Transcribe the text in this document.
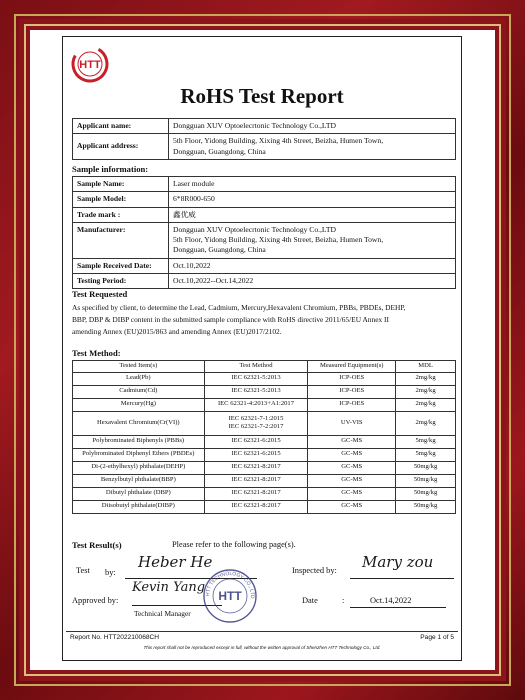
HTT
RoHS Test Report
Applicant name:	Dongguan XUV Optoelecrtonic Technology Co.,LTD
Applicant address:	5th Floor, Yidong Building, Xixing 4th Street, Beizha, Humen Town,
Dongguan, Guangdong, China
Sample information:
Sample Name:	Laser module
Sample Model:	6*8R000-650
Trade mark :	鑫优威
Manufacturer:	Dongguan XUV Optoelecrtonic Technology Co.,LTD
5th Floor, Yidong Building, Xixing 4th Street, Beizha, Humen Town,
Dongguan, Guangdong, China

Sample Received Date:	Oct.10,2022
Testing Period:	Oct.10,2022--Oct.14,2022
Test Requested
As specified by client, to determine the Lead, Cadmium, Mercury,Hexavalent Chromium, PBBs, PBDEs, DEHP,
BBP, DBP & DIBP content in the submitted sample compliance with RoHS directive 2011/65/EU Annex II
amending Annex (EU)2015/863 and amending Annex (EU)2017/2102.
Test Method:
Tested Item(s)	Test Method	Measured Equipment(s)	MDL
Lead(Pb)	IEC 62321-5:2013	ICP-OES	2mg/kg
Cadmium(Cd)	IEC 62321-5:2013	ICP-OES	2mg/kg
Mercury(Hg)	IEC 62321-4:2013+A1:2017	ICP-OES	2mg/kg
Hexavalent Chromium(Cr(VI))	IEC 62321-7-1:2015
IEC 62321-7-2:2017	UV-VIS	2mg/kg
Polybrominated Biphenyls (PBBs)	IEC 62321-6:2015	GC-MS	5mg/kg
Polybrominated Diphenyl Ethers (PBDEs)	IEC 62321-6:2015	GC-MS	5mg/kg
Di-(2-ethylhexyl) phthalate(DEHP)	IEC 62321-8:2017	GC-MS	50mg/kg
Benzylbutyl phthalate(BBP)	IEC 62321-8:2017	GC-MS	50mg/kg
Dibutyl phthalate (DBP)	IEC 62321-8:2017	GC-MS	50mg/kg
Diisobutyl phthalate(DIBP)	IEC 62321-8:2017	GC-MS	50mg/kg
Test Result(s)	Please refer to the following page(s).
Test by:
Heber He	Inspected by: Mary zou
Approved by:
Kevin Yang
Technical Manager
Date	:	Oct.14,2022
HTT TECHNOLOGY CO., LTD
HTT
Report No. HTT202210068CH	Page 1 of 5
This report shall not be reproduced except in full, without the written approval of Shenzhen HTT Technology Co., Ltd.
